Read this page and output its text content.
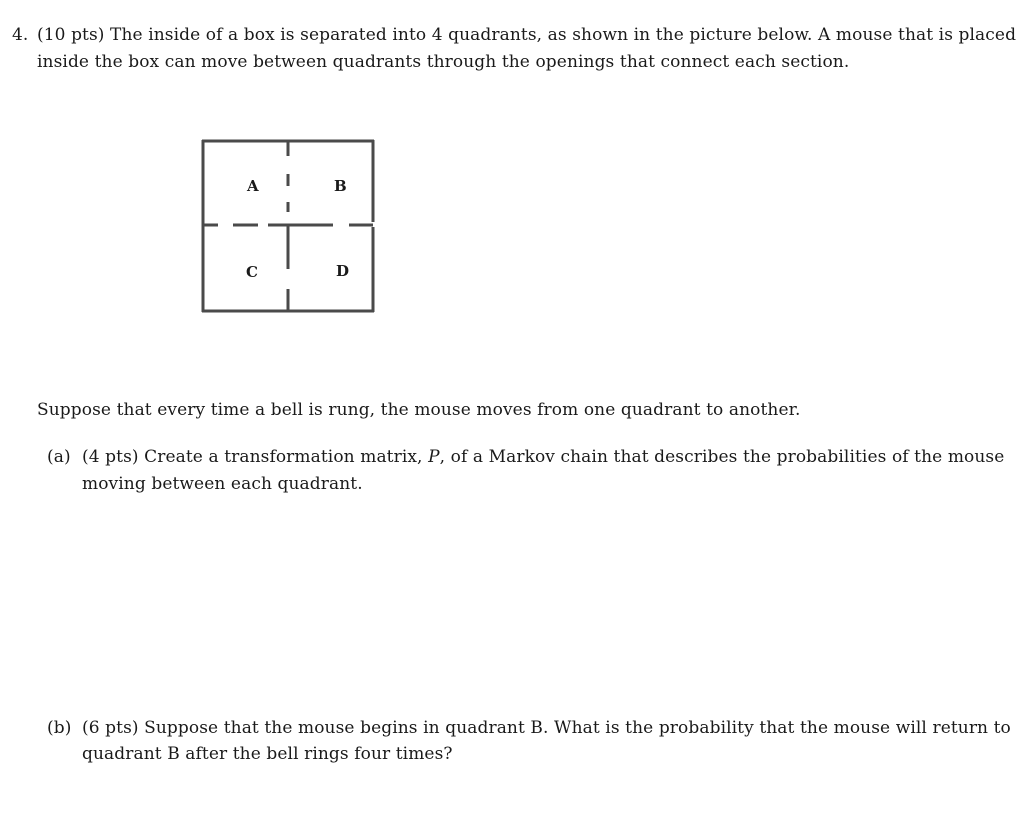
4. (10 pts) The inside of a box is separated into 4 quadrants, as shown in the picture below. A mouse that is placed
inside the box can move between quadrants through the openings that connect each section.
A	B
C	D
Suppose that every time a bell is rung, the mouse moves from one quadrant to another.
(a) (4 pts) Create a transformation matrix, P, of a Markov chain that describes the probabilities of the mouse
moving between each quadrant.
(b) (6 pts) Suppose that the mouse begins in quadrant B. What is the probability that the mouse will return to
quadrant B after the bell rings four times?
